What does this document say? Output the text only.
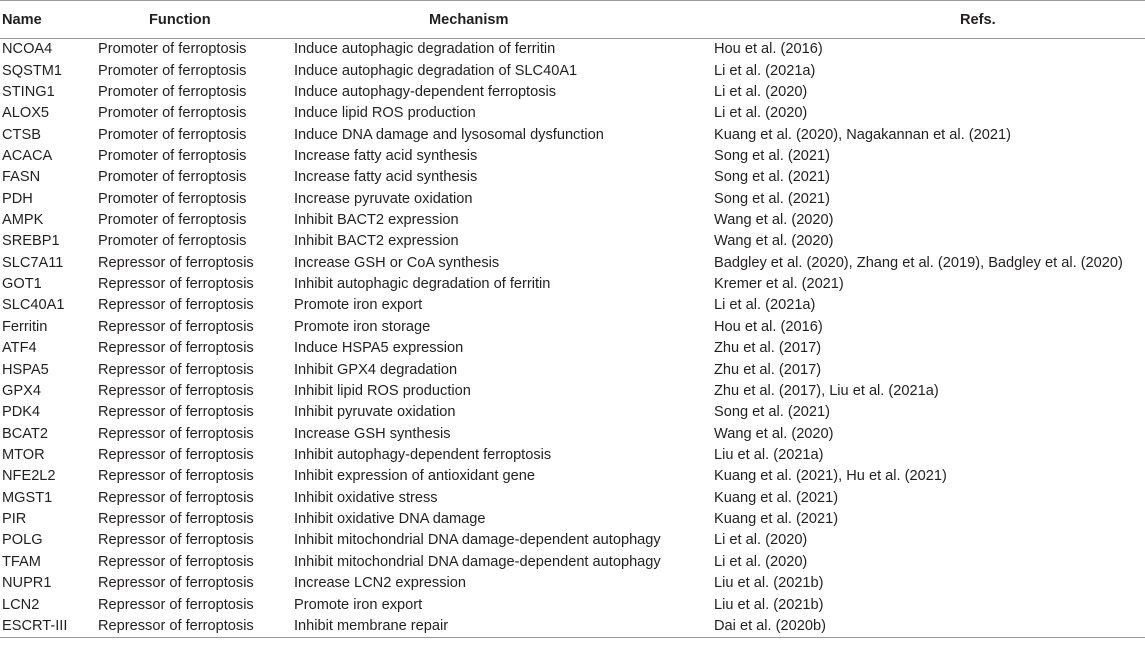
Name	Function	Mechanism	Refs.
NCOA4	Promoter of ferroptosis	Induce autophagic degradation of ferritin	Hou et al. (2016)
SQSTM1	Promoter of ferroptosis	Induce autophagic degradation of SLC40A1	Li et al. (2021a)
STING1	Promoter of ferroptosis	Induce autophagy-dependent ferroptosis	Li et al. (2020)
ALOX5	Promoter of ferroptosis	Induce lipid ROS production	Li et al. (2020)
CTSB	Promoter of ferroptosis	Induce DNA damage and lysosomal dysfunction	Kuang et al. (2020), Nagakannan et al. (2021)
ACACA	Promoter of ferroptosis	Increase fatty acid synthesis	Song et al. (2021)
FASN	Promoter of ferroptosis	Increase fatty acid synthesis	Song et al. (2021)
PDH	Promoter of ferroptosis	Increase pyruvate oxidation	Song et al. (2021)
AMPK	Promoter of ferroptosis	Inhibit BACT2 expression	Wang et al. (2020)
SREBP1	Promoter of ferroptosis	Inhibit BACT2 expression	Wang et al. (2020)
SLC7A11	Repressor of ferroptosis	Increase GSH or CoA synthesis	Badgley et al. (2020), Zhang et al. (2019), Badgley et al. (2020)
GOT1	Repressor of ferroptosis	Inhibit autophagic degradation of ferritin	Kremer et al. (2021)
SLC40A1	Repressor of ferroptosis	Promote iron export	Li et al. (2021a)
Ferritin	Repressor of ferroptosis	Promote iron storage	Hou et al. (2016)
ATF4	Repressor of ferroptosis	Induce HSPA5 expression	Zhu et al. (2017)
HSPA5	Repressor of ferroptosis	Inhibit GPX4 degradation	Zhu et al. (2017)
GPX4	Repressor of ferroptosis	Inhibit lipid ROS production	Zhu et al. (2017), Liu et al. (2021a)
PDK4	Repressor of ferroptosis	Inhibit pyruvate oxidation	Song et al. (2021)
BCAT2	Repressor of ferroptosis	Increase GSH synthesis	Wang et al. (2020)
MTOR	Repressor of ferroptosis	Inhibit autophagy-dependent ferroptosis	Liu et al. (2021a)
NFE2L2	Repressor of ferroptosis	Inhibit expression of antioxidant gene	Kuang et al. (2021), Hu et al. (2021)
MGST1	Repressor of ferroptosis	Inhibit oxidative stress	Kuang et al. (2021)
PIR	Repressor of ferroptosis	Inhibit oxidative DNA damage	Kuang et al. (2021)
POLG	Repressor of ferroptosis	Inhibit mitochondrial DNA damage-dependent autophagy	Li et al. (2020)
TFAM	Repressor of ferroptosis	Inhibit mitochondrial DNA damage-dependent autophagy	Li et al. (2020)
NUPR1	Repressor of ferroptosis	Increase LCN2 expression	Liu et al. (2021b)
LCN2	Repressor of ferroptosis	Promote iron export	Liu et al. (2021b)
ESCRT-III	Repressor of ferroptosis	Inhibit membrane repair	Dai et al. (2020b)
